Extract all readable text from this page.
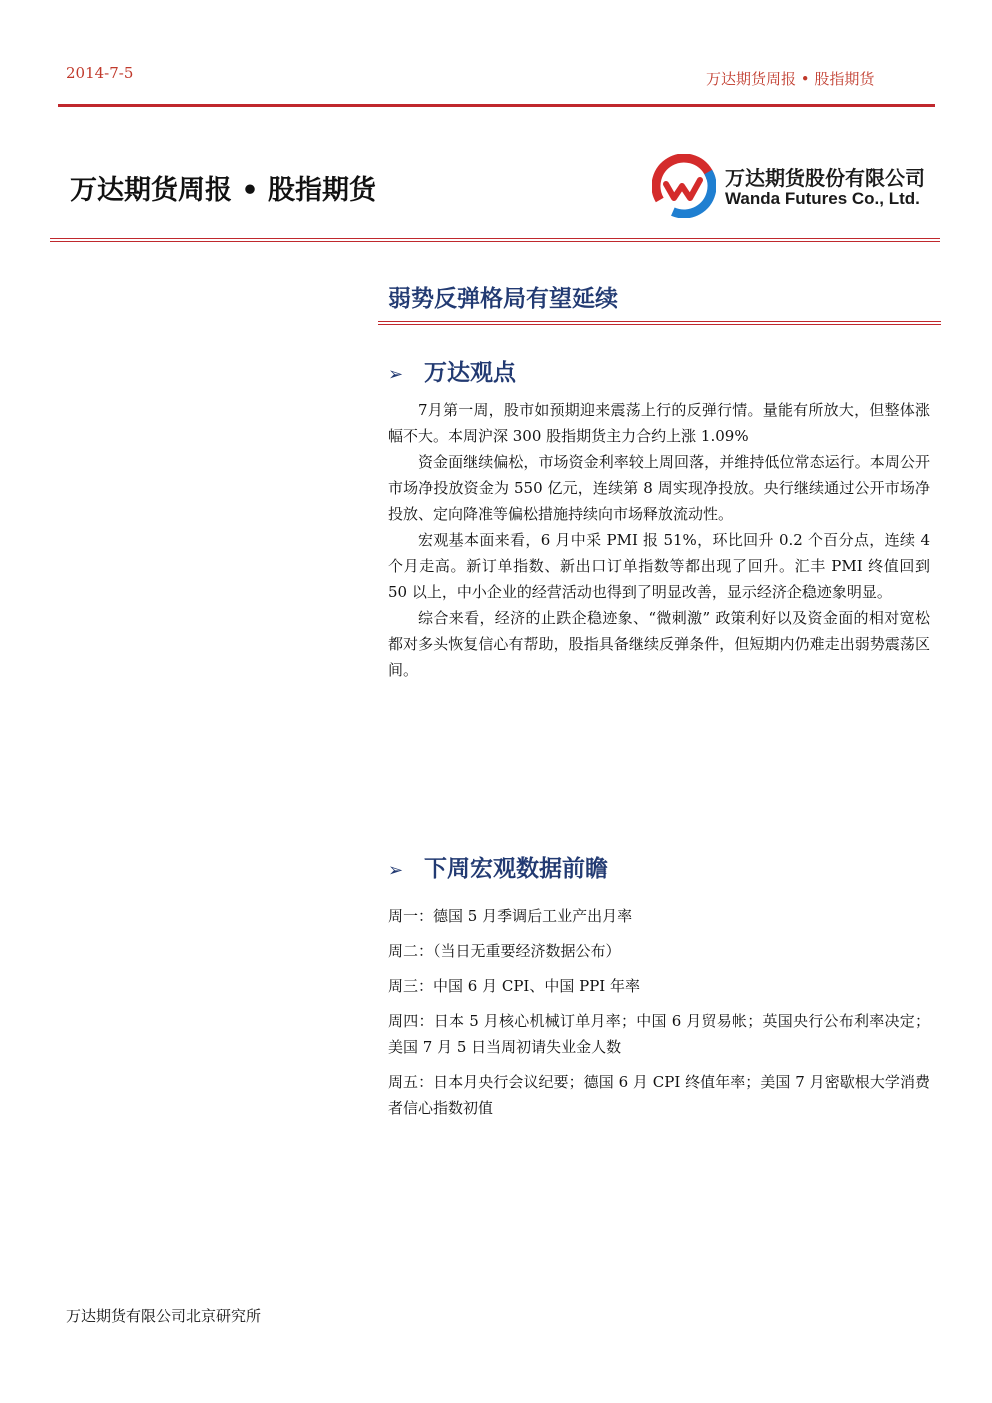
2014-7-5	万达期货周报 • 股指期货
万达期货周报 • 股指期货	万达期货股份有限公司
Wanda Futures Co., Ltd.
弱势反弹格局有望延续
➢ 万达观点

7月第一周，股市如预期迎来震荡上行的反弹行情。量能有所放大，但整体涨幅不大。本周沪深 300 股指期货主力合约上涨 1.09%

资金面继续偏松，市场资金利率较上周回落，并维持低位常态运行。本周公开市场净投放资金为 550 亿元，连续第 8 周实现净投放。央行继续通过公开市场净投放、定向降准等偏松措施持续向市场释放流动性。

宏观基本面来看，6 月中采 PMI 报 51%，环比回升 0.2 个百分点，连续 4 个月走高。新订单指数、新出口订单指数等都出现了回升。汇丰 PMI 终值回到 50 以上，中小企业的经营活动也得到了明显改善，显示经济企稳迹象明显。

综合来看，经济的止跌企稳迹象、“微刺激” 政策利好以及资金面的相对宽松都对多头恢复信心有帮助，股指具备继续反弹条件，但短期内仍难走出弱势震荡区间。

➢ 下周宏观数据前瞻

周一：德国 5 月季调后工业产出月率

周二：（当日无重要经济数据公布）

周三：中国 6 月 CPI、中国 PPI 年率

周四：日本 5 月核心机械订单月率；中国 6 月贸易帐；英国央行公布利率决定；美国 7 月 5 日当周初请失业金人数

周五：日本月央行会议纪要；德国 6 月 CPI 终值年率；美国 7 月密歇根大学消费者信心指数初值

万达期货有限公司北京研究所
